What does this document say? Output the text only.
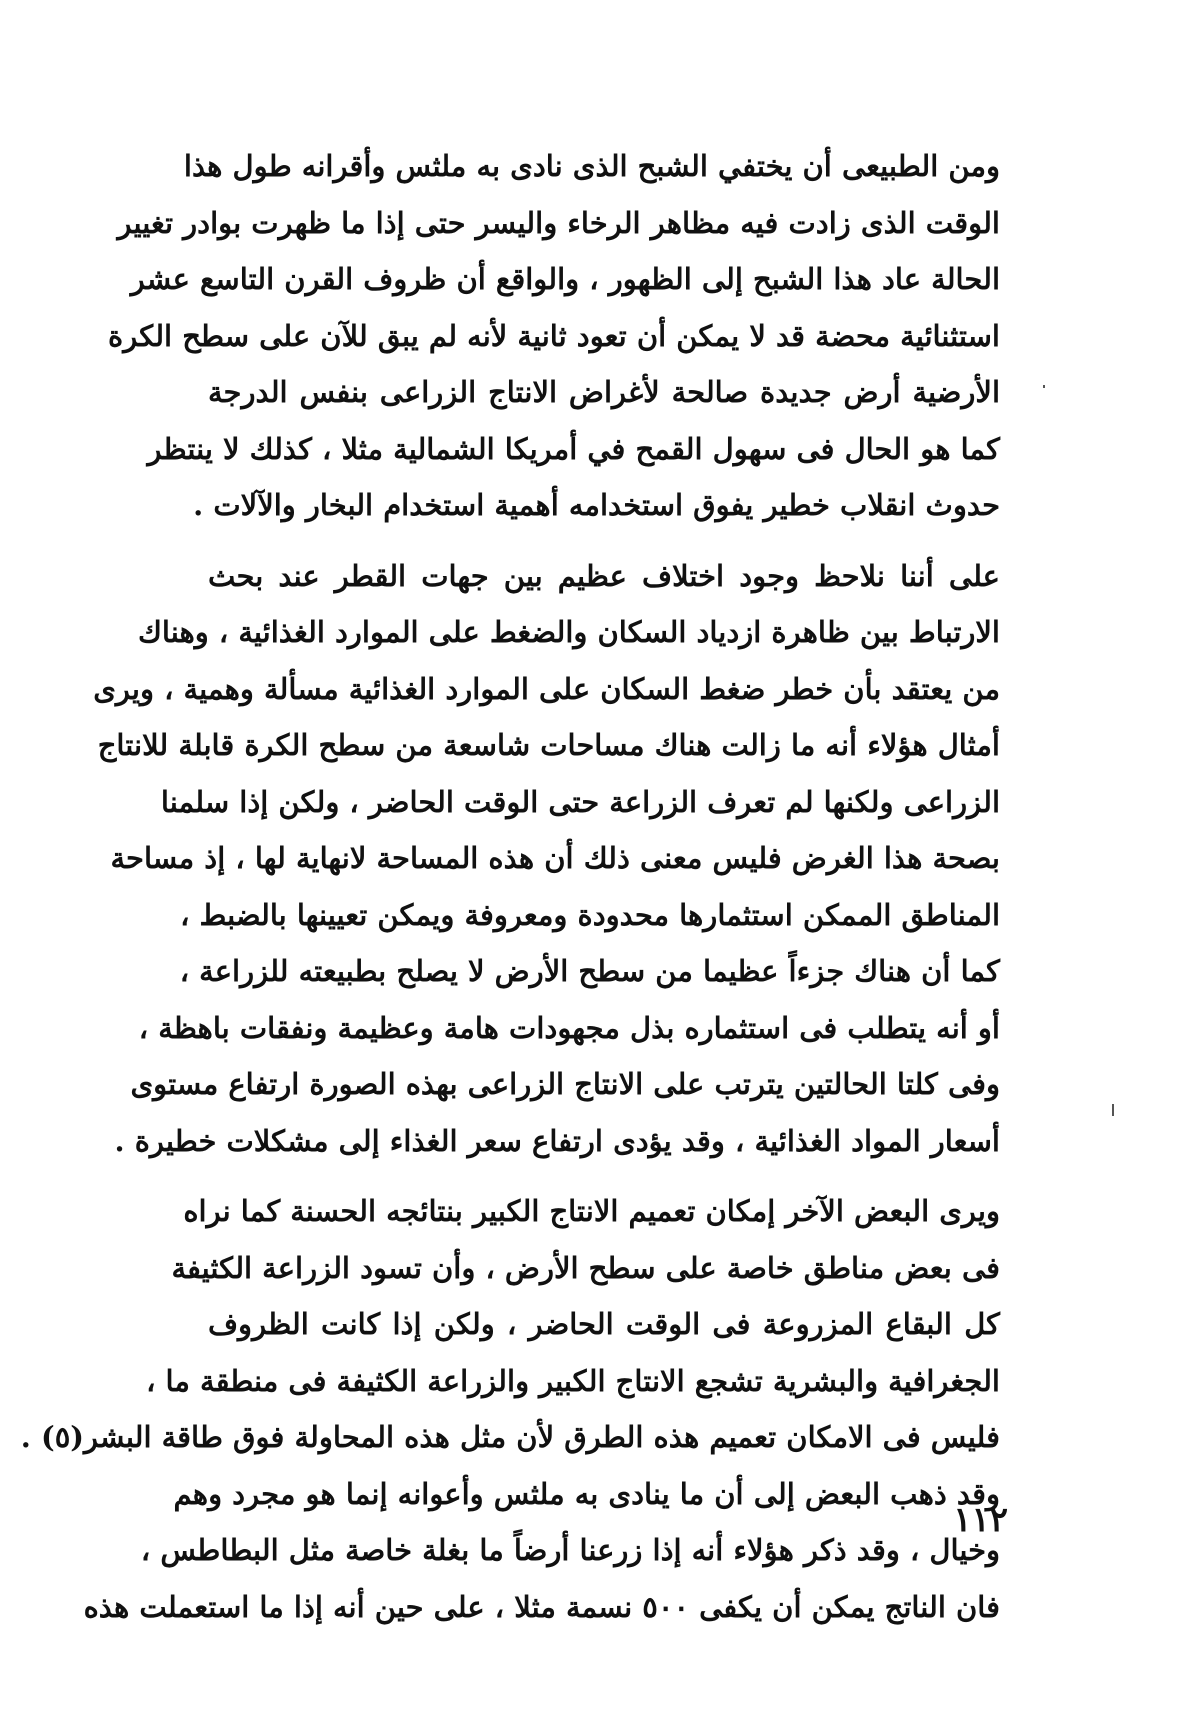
ومن الطبيعى أن يختفي الشبح الذى نادى به ملثس وأقرانه طول هذا
الوقت الذى زادت فيه مظاهر الرخاء واليسر حتى إذا ما ظهرت بوادر تغيير
الحالة عاد هذا الشبح إلى الظهور ، والواقع أن ظروف القرن التاسع عشر
استثنائية محضة قد لا يمكن أن تعود ثانية لأنه لم يبق للآن على سطح الكرة
الأرضية أرض جديدة صالحة لأغراض الانتاج الزراعى بنفس الدرجة
كما هو الحال فى سهول القمح في أمريكا الشمالية مثلا ، كذلك لا ينتظر
حدوث انقلاب خطير يفوق استخدامه أهمية استخدام البخار والآلات .
على أننا نلاحظ وجود اختلاف عظيم بين جهات القطر عند بحث
الارتباط بين ظاهرة ازدياد السكان والضغط على الموارد الغذائية ، وهناك
من يعتقد بأن خطر ضغط السكان على الموارد الغذائية مسألة وهمية ، ويرى
أمثال هؤلاء أنه ما زالت هناك مساحات شاسعة من سطح الكرة قابلة للانتاج
الزراعى ولكنها لم تعرف الزراعة حتى الوقت الحاضر ، ولكن إذا سلمنا
بصحة هذا الغرض فليس معنى ذلك أن هذه المساحة لانهاية لها ، إذ مساحة
المناطق الممكن استثمارها محدودة ومعروفة ويمكن تعيينها بالضبط ،
كما أن هناك جزءاً عظيما من سطح الأرض لا يصلح بطبيعته للزراعة ،
أو أنه يتطلب فى استثماره بذل مجهودات هامة وعظيمة ونفقات باهظة ،
وفى كلتا الحالتين يترتب على الانتاج الزراعى بهذه الصورة ارتفاع مستوى
أسعار المواد الغذائية ، وقد يؤدى ارتفاع سعر الغذاء إلى مشكلات خطيرة .
ويرى البعض الآخر إمكان تعميم الانتاج الكبير بنتائجه الحسنة كما نراه
فى بعض مناطق خاصة على سطح الأرض ، وأن تسود الزراعة الكثيفة
كل البقاع المزروعة فى الوقت الحاضر ، ولكن إذا كانت الظروف
الجغرافية والبشرية تشجع الانتاج الكبير والزراعة الكثيفة فى منطقة ما ،
فليس فى الامكان تعميم هذه الطرق لأن مثل هذه المحاولة فوق طاقة البشر(٥) .
وقد ذهب البعض إلى أن ما ينادى به ملثس وأعوانه إنما هو مجرد وهم
وخيال ، وقد ذكر هؤلاء أنه إذا زرعنا أرضاً ما بغلة خاصة مثل البطاطس ،
فان الناتج يمكن أن يكفى ٥٠٠ نسمة مثلا ، على حين أنه إذا ما استعملت هذه
١١٢
